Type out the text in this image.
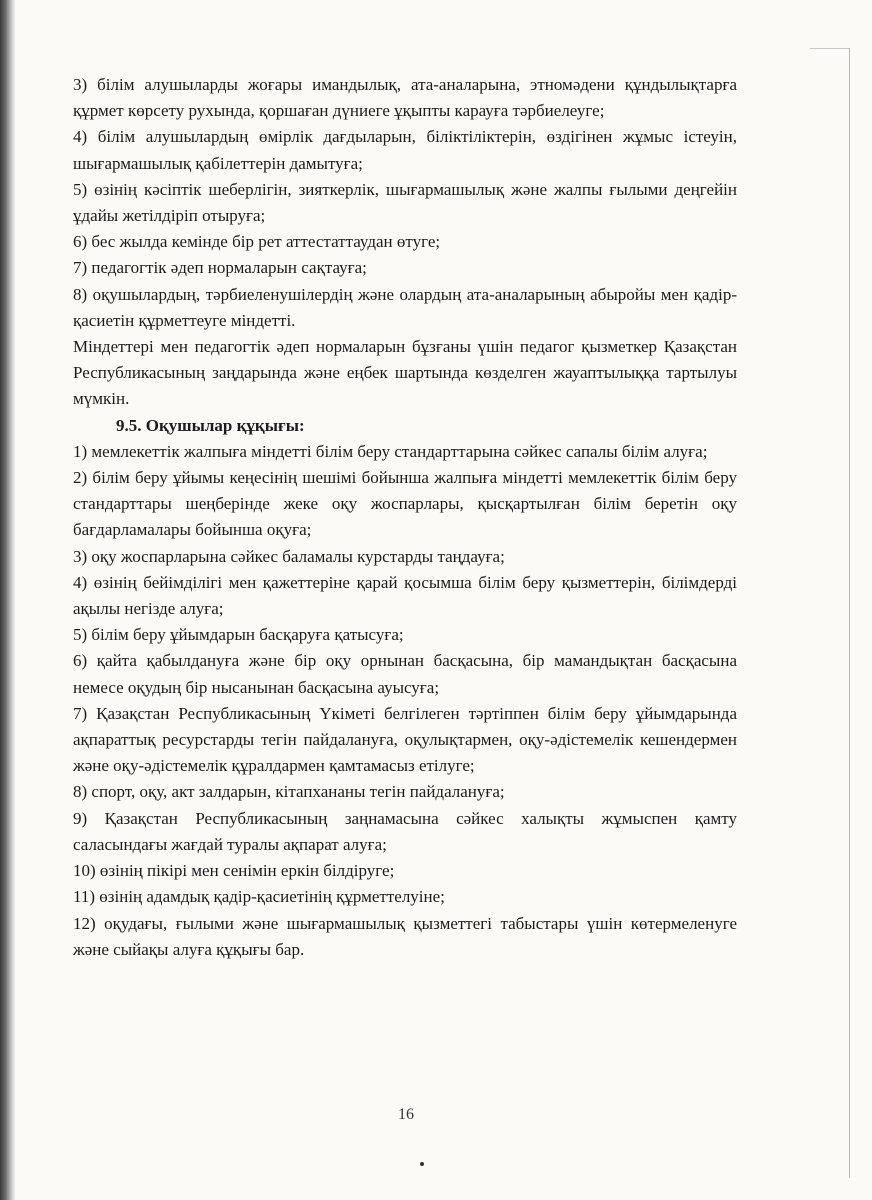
3) білім алушыларды жоғары имандылық, ата-аналарына, этномәдени құндылықтарға құрмет көрсету рухында, қоршаған дүниеге ұқыпты карауға тәрбиелеуге;

4) білім алушылардың өмірлік дағдыларын, біліктіліктерін, өздігінен жұмыс істеуін, шығармашылық қабілеттерін дамытуға;

5) өзінің кәсіптік шеберлігін, зияткерлік, шығармашылық және жалпы ғылыми деңгейін ұдайы жетілдіріп отыруға;

6) бес жылда кемінде бір рет аттестаттаудан өтуге;

7) педагогтік әдеп нормаларын сақтауға;

8) оқушылардың, тәрбиеленушілердің және олардың ата-аналарының абыройы мен қадір-қасиетін құрметтеуге міндетті.

Міндеттері мен педагогтік әдеп нормаларын бұзғаны үшін педагог қызметкер Қазақстан Республикасының заңдарында және еңбек шартында көзделген жауаптылыққа тартылуы мүмкін.

9.5. Оқушылар құқығы:

1) мемлекеттік жалпыға міндетті білім беру стандарттарына сәйкес сапалы білім алуға;

2) білім беру ұйымы кеңесінің шешімі бойынша жалпыға міндетті мемлекеттік білім беру стандарттары шеңберінде жеке оқу жоспарлары, қысқартылған білім беретін оқу бағдарламалары бойынша оқуға;

3) оқу жоспарларына сәйкес баламалы курстарды таңдауға;

4) өзінің бейімділігі мен қажеттеріне қарай қосымша білім беру қызметтерін, білімдерді ақылы негізде алуға;

5) білім беру ұйымдарын басқаруға қатысуға;

6) қайта қабылдануға және бір оқу орнынан басқасына, бір мамандықтан басқасына немесе оқудың бір нысанынан басқасына ауысуға;

7) Қазақстан Республикасының Үкіметі белгілеген тәртіппен білім беру ұйымдарында ақпараттық ресурстарды тегін пайдалануға, оқулықтармен, оқу-әдістемелік кешендермен және оқу-әдістемелік құралдармен қамтамасыз етілуге;

8) спорт, оқу, акт залдарын, кітапхананы тегін пайдалануға;

9) Қазақстан Республикасының заңнамасына сәйкес халықты жұмыспен қамту саласындағы жағдай туралы ақпарат алуға;

10) өзінің пікірі мен сенімін еркін білдіруге;

11) өзінің адамдық қадір-қасиетінің құрметтелуіне;

12) оқудағы, ғылыми және шығармашылық қызметтегі табыстары үшін көтермеленуге және сыйақы алуға құқығы бар.

16
